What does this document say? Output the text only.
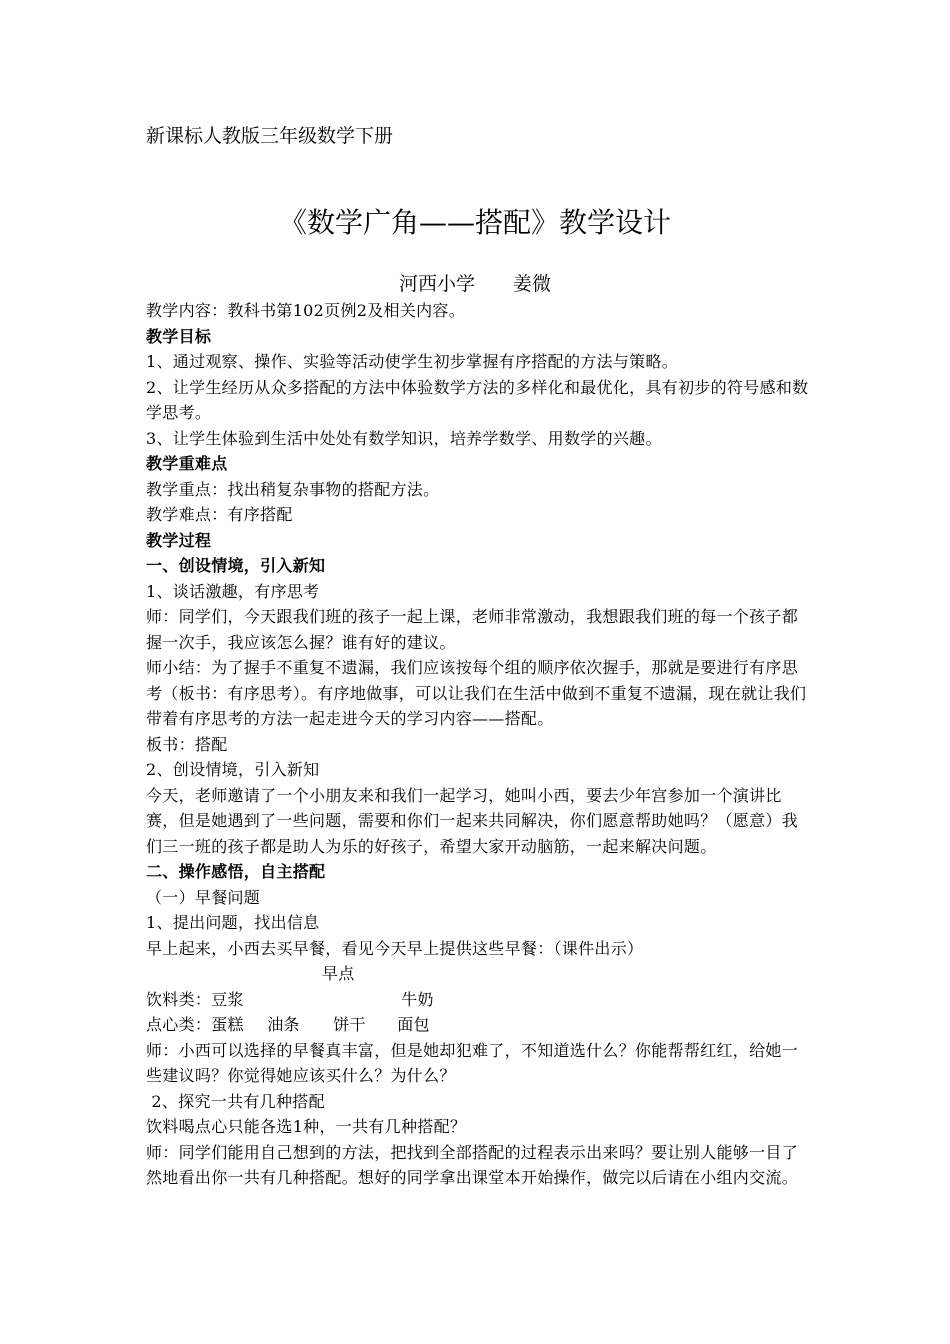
新课标人教版三年级数学下册
《数学广角——搭配》教学设计
河西小学 姜微

教学内容：教科书第102页例2及相关内容。

教学目标

1、通过观察、操作、实验等活动使学生初步掌握有序搭配的方法与策略。

2、让学生经历从众多搭配的方法中体验数学方法的多样化和最优化，具有初步的符号感和数学思考。

3、让学生体验到生活中处处有数学知识，培养学数学、用数学的兴趣。

教学重难点

教学重点：找出稍复杂事物的搭配方法。

教学难点：有序搭配

教学过程

一、创设情境，引入新知

1、谈话激趣，有序思考

师：同学们，今天跟我们班的孩子一起上课，老师非常激动，我想跟我们班的每一个孩子都握一次手，我应该怎么握？谁有好的建议。

师小结：为了握手不重复不遗漏，我们应该按每个组的顺序依次握手，那就是要进行有序思考（板书：有序思考）。有序地做事，可以让我们在生活中做到不重复不遗漏，现在就让我们带着有序思考的方法一起走进今天的学习内容——搭配。

板书：搭配

2、创设情境，引入新知

今天，老师邀请了一个小朋友来和我们一起学习，她叫小西，要去少年宫参加一个演讲比赛，但是她遇到了一些问题，需要和你们一起来共同解决，你们愿意帮助她吗？（愿意）我们三一班的孩子都是助人为乐的好孩子，希望大家开动脑筋，一起来解决问题。

二、操作感悟，自主搭配

（一）早餐问题

1、提出问题，找出信息

早上起来，小西去买早餐，看见今天早上提供这些早餐：（课件出示）

早点

饮料类：豆浆	牛奶

点心类：蛋糕 油条 饼干 面包

师：小西可以选择的早餐真丰富，但是她却犯难了，不知道选什么？你能帮帮红红，给她一些建议吗？你觉得她应该买什么？为什么？

2、探究一共有几种搭配

饮料喝点心只能各选1种，一共有几种搭配？

师：同学们能用自己想到的方法，把找到全部搭配的过程表示出来吗？要让别人能够一目了然地看出你一共有几种搭配。想好的同学拿出课堂本开始操作，做完以后请在小组内交流。
